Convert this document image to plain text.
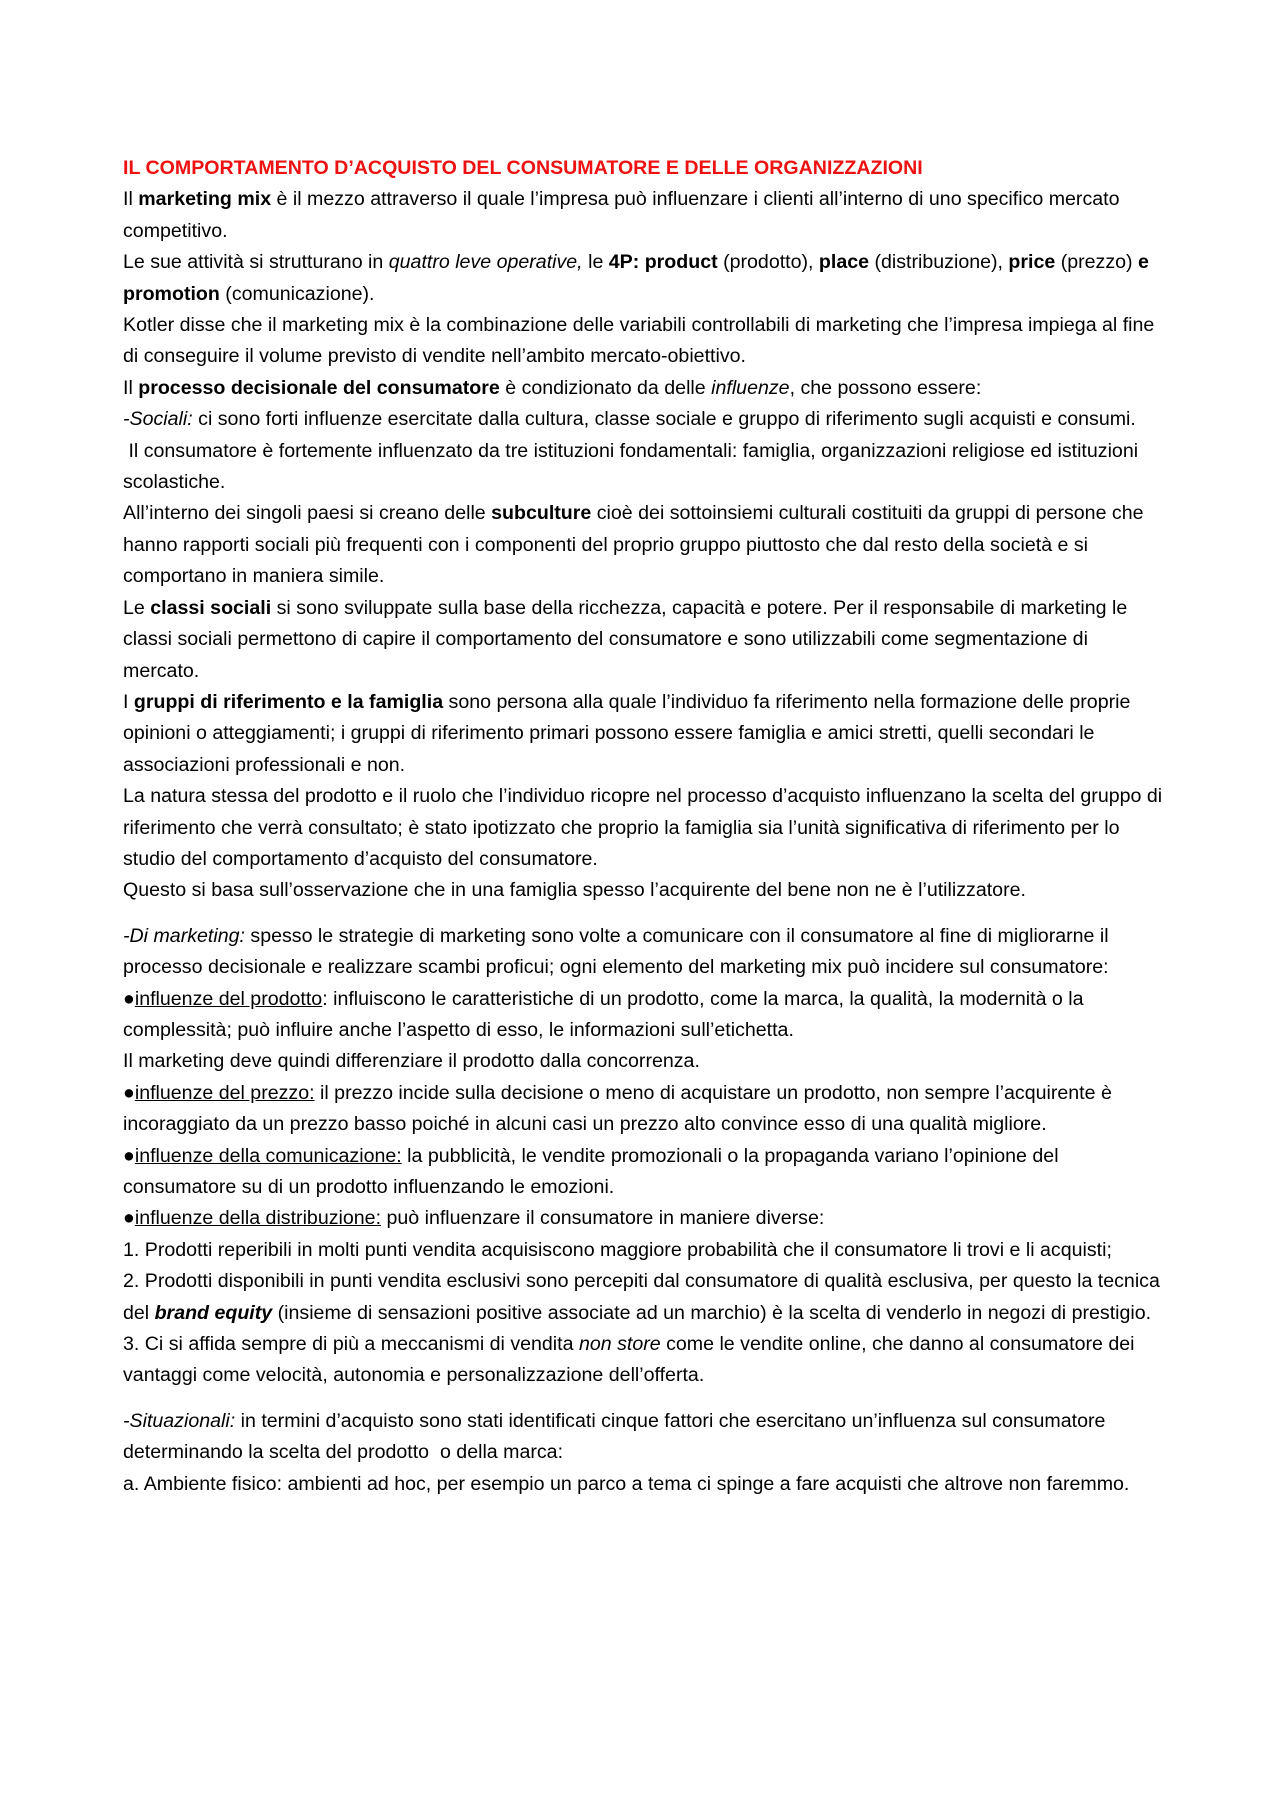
IL COMPORTAMENTO D’ACQUISTO DEL CONSUMATORE E DELLE ORGANIZZAZIONI

Il marketing mix è il mezzo attraverso il quale l’impresa può influenzare i clienti all’interno di uno specifico mercato competitivo.

Le sue attività si strutturano in quattro leve operative, le 4P: product (prodotto), place (distribuzione), price (prezzo) e promotion (comunicazione).

Kotler disse che il marketing mix è la combinazione delle variabili controllabili di marketing che l’impresa impiega al fine di conseguire il volume previsto di vendite nell’ambito mercato-obiettivo.

Il processo decisionale del consumatore è condizionato da delle influenze, che possono essere:

-Sociali: ci sono forti influenze esercitate dalla cultura, classe sociale e gruppo di riferimento sugli acquisti e consumi.

Il consumatore è fortemente influenzato da tre istituzioni fondamentali: famiglia, organizzazioni religiose ed istituzioni scolastiche.

All’interno dei singoli paesi si creano delle subculture cioè dei sottoinsiemi culturali costituiti da gruppi di persone che hanno rapporti sociali più frequenti con i componenti del proprio gruppo piuttosto che dal resto della società e si comportano in maniera simile.

Le classi sociali si sono sviluppate sulla base della ricchezza, capacità e potere. Per il responsabile di marketing le classi sociali permettono di capire il comportamento del consumatore e sono utilizzabili come segmentazione di mercato.

I gruppi di riferimento e la famiglia sono persona alla quale l’individuo fa riferimento nella formazione delle proprie opinioni o atteggiamenti; i gruppi di riferimento primari possono essere famiglia e amici stretti, quelli secondari le associazioni professionali e non.

La natura stessa del prodotto e il ruolo che l’individuo ricopre nel processo d’acquisto influenzano la scelta del gruppo di riferimento che verrà consultato; è stato ipotizzato che proprio la famiglia sia l’unità significativa di riferimento per lo studio del comportamento d’acquisto del consumatore.

Questo si basa sull’osservazione che in una famiglia spesso l’acquirente del bene non ne è l’utilizzatore.

-Di marketing: spesso le strategie di marketing sono volte a comunicare con il consumatore al fine di migliorarne il processo decisionale e realizzare scambi proficui; ogni elemento del marketing mix può incidere sul consumatore:

●influenze del prodotto: influiscono le caratteristiche di un prodotto, come la marca, la qualità, la modernità o la complessità; può influire anche l’aspetto di esso, le informazioni sull’etichetta.

Il marketing deve quindi differenziare il prodotto dalla concorrenza.

●influenze del prezzo: il prezzo incide sulla decisione o meno di acquistare un prodotto, non sempre l’acquirente è incoraggiato da un prezzo basso poiché in alcuni casi un prezzo alto convince esso di una qualità migliore.

●influenze della comunicazione: la pubblicità, le vendite promozionali o la propaganda variano l’opinione del consumatore su di un prodotto influenzando le emozioni.

●influenze della distribuzione: può influenzare il consumatore in maniere diverse:

1. Prodotti reperibili in molti punti vendita acquisiscono maggiore probabilità che il consumatore li trovi e li acquisti;

2. Prodotti disponibili in punti vendita esclusivi sono percepiti dal consumatore di qualità esclusiva, per questo la tecnica del brand equity (insieme di sensazioni positive associate ad un marchio) è la scelta di venderlo in negozi di prestigio.

3. Ci si affida sempre di più a meccanismi di vendita non store come le vendite online, che danno al consumatore dei vantaggi come velocità, autonomia e personalizzazione dell’offerta.

-Situazionali: in termini d’acquisto sono stati identificati cinque fattori che esercitano un’influenza sul consumatore determinando la scelta del prodotto  o della marca:

a. Ambiente fisico: ambienti ad hoc, per esempio un parco a tema ci spinge a fare acquisti che altrove non faremmo.
